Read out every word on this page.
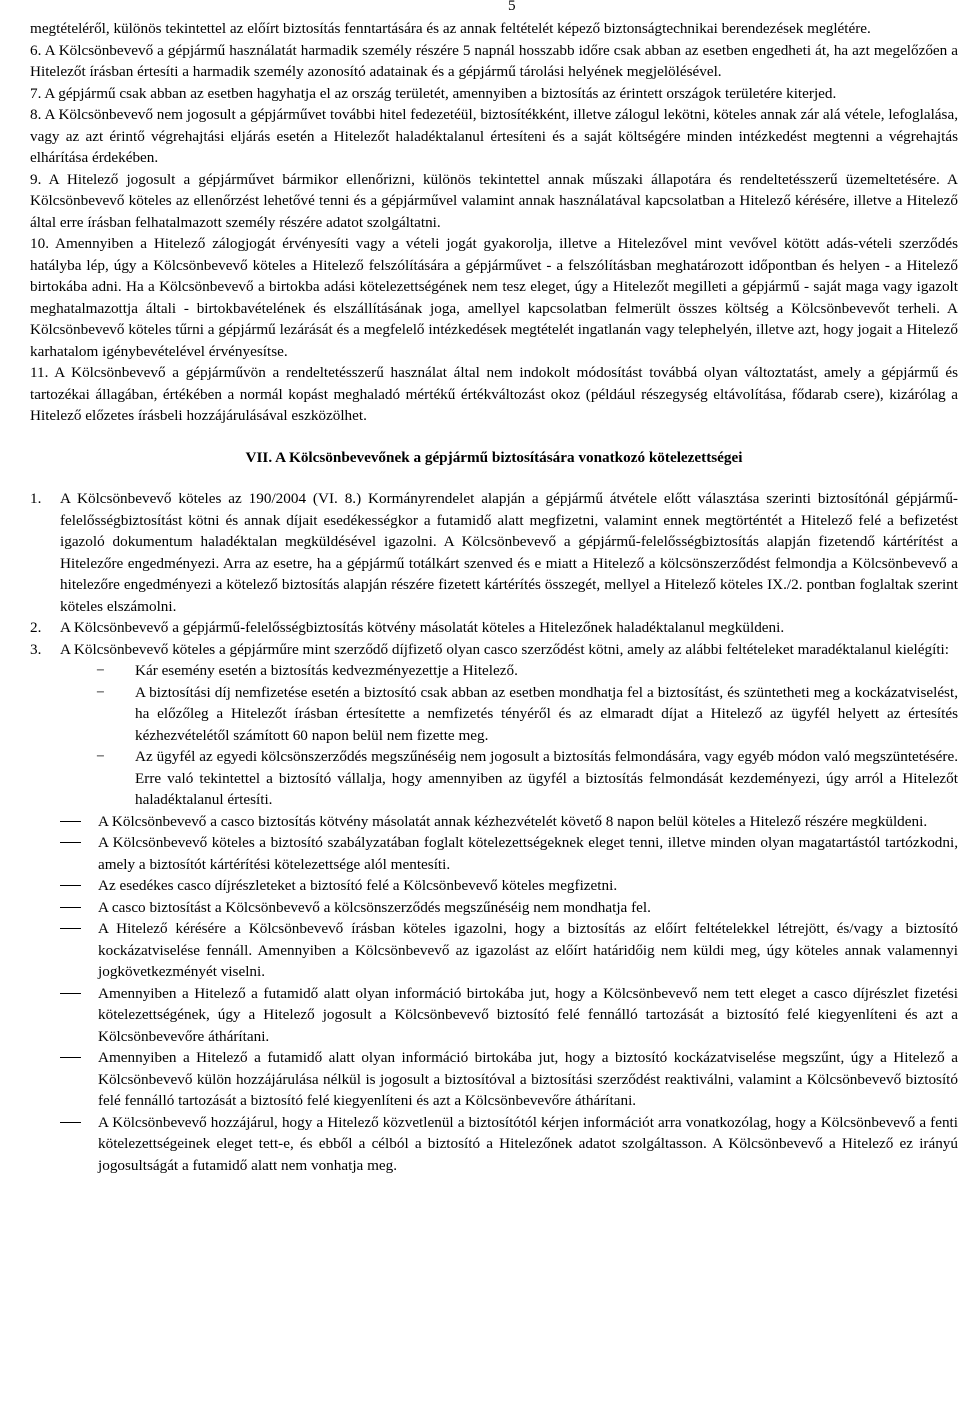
5

megtételéről, különös tekintettel az előírt biztosítás fenntartására és az annak feltételét képező biztonságtechnikai berendezések meglétére.

6. A Kölcsönbevevő a gépjármű használatát harmadik személy részére 5 napnál hosszabb időre csak abban az esetben engedheti át, ha azt megelőzően a Hitelezőt írásban értesíti a harmadik személy azonosító adatainak és a gépjármű tárolási helyének megjelölésével.
7. A gépjármű csak abban az esetben hagyhatja el az ország területét, amennyiben a biztosítás az érintett országok területére kiterjed.
8. A Kölcsönbevevő nem jogosult a gépjárművet további hitel fedezetéül, biztosítékként, illetve zálogul lekötni, köteles annak zár alá vétele, lefoglalása, vagy az azt érintő végrehajtási eljárás esetén a Hitelezőt haladéktalanul értesíteni és a saját költségére minden intézkedést megtenni a végrehajtás elhárítása érdekében.
9. A Hitelező jogosult a gépjárművet bármikor ellenőrizni, különös tekintettel annak műszaki állapotára és rendeltetésszerű üzemeltetésére. A Kölcsönbevevő köteles az ellenőrzést lehetővé tenni és a gépjárművel valamint annak használatával kapcsolatban a Hitelező kérésére, illetve a Hitelező által erre írásban felhatalmazott személy részére adatot szolgáltatni.
10. Amennyiben a Hitelező zálogjogát érvényesíti vagy a vételi jogát gyakorolja, illetve a Hitelezővel mint vevővel kötött adás-vételi szerződés hatályba lép, úgy a Kölcsönbevevő köteles a Hitelező felszólítására a gépjárművet - a felszólításban meghatározott időpontban és helyen - a Hitelező birtokába adni. Ha a Kölcsönbevevő a birtokba adási kötelezettségének nem tesz eleget, úgy a Hitelezőt megilleti a gépjármű - saját maga vagy igazolt meghatalmazottja általi - birtokbavételének és elszállításának joga, amellyel kapcsolatban felmerült összes költség a Kölcsönbevevőt terheli. A Kölcsönbevevő köteles tűrni a gépjármű lezárását és a megfelelő intézkedések megtételét ingatlanán vagy telephelyén, illetve azt, hogy jogait a Hitelező karhatalom igénybevételével érvényesítse.
11. A Kölcsönbevevő a gépjárművön a rendeltetésszerű használat által nem indokolt módosítást továbbá olyan változtatást, amely a gépjármű és tartozékai állagában, értékében a normál kopást meghaladó mértékű értékváltozást okoz (például részegység eltávolítása, fődarab csere), kizárólag a Hitelező előzetes írásbeli hozzájárulásával eszközölhet.
VII. A Kölcsönbevevőnek a gépjármű biztosítására vonatkozó kötelezettségei
1.	A Kölcsönbevevő köteles az 190/2004 (VI. 8.) Kormányrendelet alapján a gépjármű átvétele előtt választása szerinti biztosítónál gépjármű-felelősségbiztosítást kötni és annak díjait esedékességkor a futamidő alatt megfizetni, valamint ennek megtörténtét a Hitelező felé a befizetést igazoló dokumentum haladéktalan megküldésével igazolni. A Kölcsönbevevő a gépjármű-felelősségbiztosítás alapján fizetendő kártérítést a Hitelezőre engedményezi. Arra az esetre, ha a gépjármű totálkárt szenved és e miatt a Hitelező a kölcsönszerződést felmondja a Kölcsönbevevő a hitelezőre engedményezi a kötelező biztosítás alapján részére fizetett kártérítés összegét, mellyel a Hitelező köteles IX./2. pontban foglaltak szerint köteles elszámolni.
2.	A Kölcsönbevevő a gépjármű-felelősségbiztosítás kötvény másolatát köteles a Hitelezőnek haladéktalanul megküldeni.
3.	A Kölcsönbevevő köteles a gépjárműre mint szerződő díjfizető olyan casco szerződést kötni, amely az alábbi feltételeket maradéktalanul kielégíti:
− Kár esemény esetén a biztosítás kedvezményezettje a Hitelező.
− A biztosítási díj nemfizetése esetén a biztosító csak abban az esetben mondhatja fel a biztosítást, és szüntetheti meg a kockázatviselést, ha előzőleg a Hitelezőt írásban értesítette a nemfizetés tényéről és az elmaradt díjat a Hitelező az ügyfél helyett az értesítés kézhezvételétől számított 60 napon belül nem fizette meg.
− Az ügyfél az egyedi kölcsönszerződés megszűnéséig nem jogosult a biztosítás felmondására, vagy egyéb módon való megszüntetésére. Erre való tekintettel a biztosító vállalja, hogy amennyiben az ügyfél a biztosítás felmondását kezdeményezi, úgy arról a Hitelezőt haladéktalanul értesíti.
A Kölcsönbevevő a casco biztosítás kötvény másolatát annak kézhezvételét követő 8 napon belül köteles a Hitelező részére megküldeni.
A Kölcsönbevevő köteles a biztosító szabályzatában foglalt kötelezettségeknek eleget tenni, illetve minden olyan magatartástól tartózkodni, amely a biztosítót kártérítési kötelezettsége alól mentesíti.
Az esedékes casco díjrészleteket a biztosító felé a Kölcsönbevevő köteles megfizetni.
A casco biztosítást a Kölcsönbevevő a kölcsönszerződés megszűnéséig nem mondhatja fel.
A Hitelező kérésére a Kölcsönbevevő írásban köteles igazolni, hogy a biztosítás az előírt feltételekkel létrejött, és/vagy a biztosító kockázatviselése fennáll. Amennyiben a Kölcsönbevevő az igazolást az előírt határidőig nem küldi meg, úgy köteles annak valamennyi jogkövetkezményét viselni.
Amennyiben a Hitelező a futamidő alatt olyan információ birtokába jut, hogy a Kölcsönbevevő nem tett eleget a casco díjrészlet fizetési kötelezettségének, úgy a Hitelező jogosult a Kölcsönbevevő biztosító felé fennálló tartozását a biztosító felé kiegyenlíteni és azt a Kölcsönbevevőre áthárítani.
Amennyiben a Hitelező a futamidő alatt olyan információ birtokába jut, hogy a biztosító kockázatviselése megszűnt, úgy a Hitelező a Kölcsönbevevő külön hozzájárulása nélkül is jogosult a biztosítóval a biztosítási szerződést reaktiválni, valamint a Kölcsönbevevő biztosító felé fennálló tartozását a biztosító felé kiegyenlíteni és azt a Kölcsönbevevőre áthárítani.
A Kölcsönbevevő hozzájárul, hogy a Hitelező közvetlenül a biztosítótól kérjen információt arra vonatkozólag, hogy a Kölcsönbevevő a fenti kötelezettségeinek eleget tett-e, és ebből a célból a biztosító a Hitelezőnek adatot szolgáltasson. A Kölcsönbevevő a Hitelező ez irányú jogosultságát a futamidő alatt nem vonhatja meg.
